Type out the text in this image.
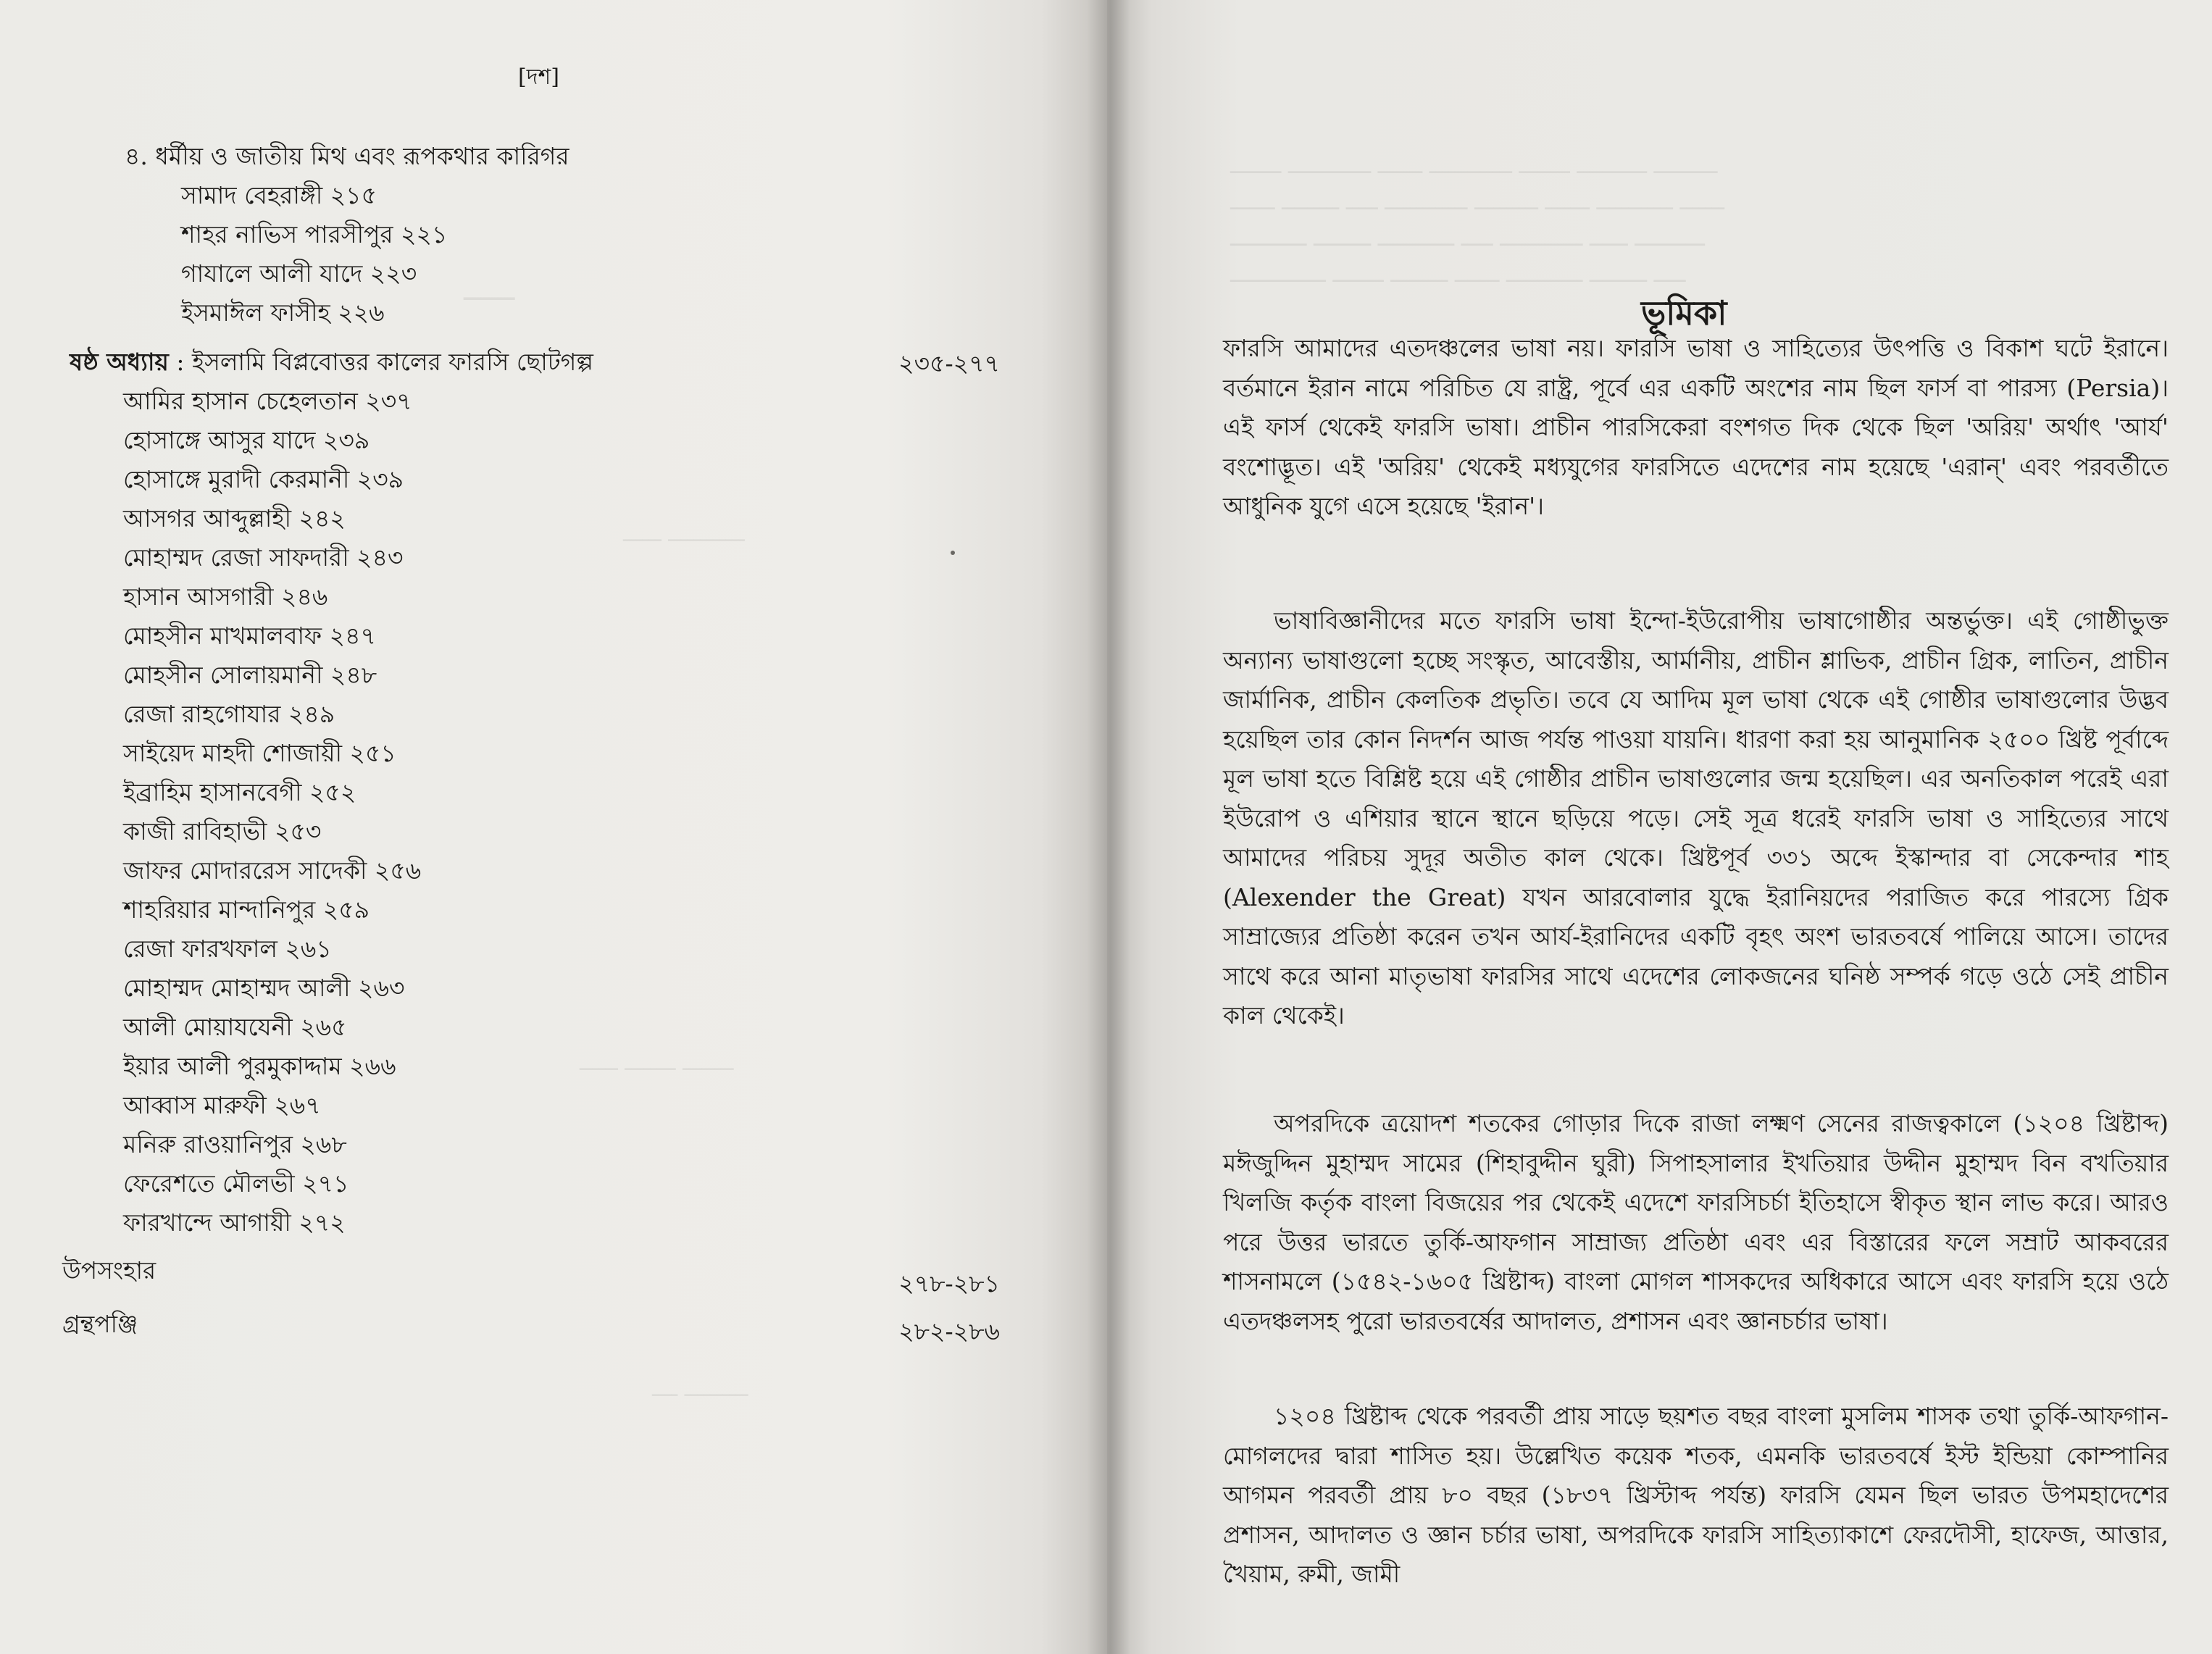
ــــــ
ــــــــــــ ــــــ
ــــــــ ــــــــ ــــــ
ــــــــــ ــــ
[দশ]
৪. ধর্মীয় ও জাতীয় মিথ এবং রূপকথার কারিগর
সামাদ বেহরাঙ্গী ২১৫
শাহর নাভিস পারসীপুর ২২১
গাযালে আলী যাদে ২২৩
ইসমাঈল ফাসীহ ২২৬
ষষ্ঠ অধ্যায় : ইসলামি বিপ্লবোত্তর কালের ফারসি ছোটগল্প	২৩৫-২৭৭
আমির হাসান চেহেলতান ২৩৭
হোসাঙ্গে আসুর যাদে ২৩৯
হোসাঙ্গে মুরাদী কেরমানী ২৩৯
আসগর আব্দুল্লাহী ২৪২
মোহাম্মদ রেজা সাফদারী ২৪৩
হাসান আসগারী ২৪৬
মোহসীন মাখমালবাফ ২৪৭
মোহসীন সোলায়মানী ২৪৮
রেজা রাহগোযার ২৪৯
সাইয়েদ মাহদী শোজায়ী ২৫১
ইব্রাহিম হাসানবেগী ২৫২
কাজী রাবিহাভী ২৫৩
জাফর মোদাররেস সাদেকী ২৫৬
শাহরিয়ার মান্দানিপুর ২৫৯
রেজা ফারখফাল ২৬১
মোহাম্মদ মোহাম্মদ আলী ২৬৩
আলী মোয়াযযেনী ২৬৫
ইয়ার আলী পুরমুকাদ্দাম ২৬৬
আব্বাস মারুফী ২৬৭
মনিরু রাওয়ানিপুর ২৬৮
ফেরেশতে মৌলভী ২৭১
ফারখান্দে আগায়ী ২৭২
উপসংহার	২৭৮-২৮১
গ্রন্থপঞ্জি	২৮২-২৮৬
ــــــــــ ـــــــــــ ــــــــ ـــــــــــــ ـــــــ ـــــــــــــ ــــــــ
ـــــــ ــــــــــــ ـــــــ ــــــــــ ـــــــــــــ ـــــ ـــــــــ ـــــــ
ـــــــــــ ــــــ ـــــــــــــ ـــــ ــــــــــــ ـــــــــ ــــــــــــ
ـــــ ـــــــــ ــــــــــــ ـــــــ ـــــــــ ــــــــ ـــــــــــــــ
ভূমিকা

ফারসি আমাদের এতদঞ্চলের ভাষা নয়। ফারসি ভাষা ও সাহিত্যের উৎপত্তি ও বিকাশ ঘটে ইরানে। বর্তমানে ইরান নামে পরিচিত যে রাষ্ট্র, পূর্বে এর একটি অংশের নাম ছিল ফার্স বা পারস্য (Persia)। এই ফার্স থেকেই ফারসি ভাষা। প্রাচীন পারসিকেরা বংশগত দিক থেকে ছিল 'অরিয়' অর্থাৎ 'আর্য' বংশোদ্ভূত। এই 'অরিয়' থেকেই মধ্যযুগের ফারসিতে এদেশের নাম হয়েছে 'এরান্' এবং পরবর্তীতে আধুনিক যুগে এসে হয়েছে 'ইরান'।

ভাষাবিজ্ঞানীদের মতে ফারসি ভাষা ইন্দো-ইউরোপীয় ভাষাগোষ্ঠীর অন্তর্ভুক্ত। এই গোষ্ঠীভুক্ত অন্যান্য ভাষাগুলো হচ্ছে সংস্কৃত, আবেস্তীয়, আর্মানীয়, প্রাচীন শ্লাভিক, প্রাচীন গ্রিক, লাতিন, প্রাচীন জার্মানিক, প্রাচীন কেলতিক প্রভৃতি। তবে যে আদিম মূল ভাষা থেকে এই গোষ্ঠীর ভাষাগুলোর উদ্ভব হয়েছিল তার কোন নিদর্শন আজ পর্যন্ত পাওয়া যায়নি। ধারণা করা হয় আনুমানিক ২৫০০ খ্রিষ্ট পূর্বাব্দে মূল ভাষা হতে বিশ্লিষ্ট হয়ে এই গোষ্ঠীর প্রাচীন ভাষাগুলোর জন্ম হয়েছিল। এর অনতিকাল পরেই এরা ইউরোপ ও এশিয়ার স্থানে স্থানে ছড়িয়ে পড়ে। সেই সূত্র ধরেই ফারসি ভাষা ও সাহিত্যের সাথে আমাদের পরিচয় সুদূর অতীত কাল থেকে। খ্রিষ্টপূর্ব ৩৩১ অব্দে ইস্কান্দার বা সেকেন্দার শাহ (Alexender the Great) যখন আরবোলার যুদ্ধে ইরানিয়দের পরাজিত করে পারস্যে গ্রিক সাম্রাজ্যের প্রতিষ্ঠা করেন তখন আর্য-ইরানিদের একটি বৃহৎ অংশ ভারতবর্ষে পালিয়ে আসে। তাদের সাথে করে আনা মাতৃভাষা ফারসির সাথে এদেশের লোকজনের ঘনিষ্ঠ সম্পর্ক গড়ে ওঠে সেই প্রাচীন কাল থেকেই।

অপরদিকে ত্রয়োদশ শতকের গোড়ার দিকে রাজা লক্ষ্মণ সেনের রাজত্বকালে (১২০৪ খ্রিষ্টাব্দ) মঈজুদ্দিন মুহাম্মদ সামের (শিহাবুদ্দীন ঘুরী) সিপাহসালার ইখতিয়ার উদ্দীন মুহাম্মদ বিন বখতিয়ার খিলজি কর্তৃক বাংলা বিজয়ের পর থেকেই এদেশে ফারসিচর্চা ইতিহাসে স্বীকৃত স্থান লাভ করে। আরও পরে উত্তর ভারতে তুর্কি-আফগান সাম্রাজ্য প্রতিষ্ঠা এবং এর বিস্তারের ফলে সম্রাট আকবরের শাসনামলে (১৫৪২-১৬০৫ খ্রিষ্টাব্দ) বাংলা মোগল শাসকদের অধিকারে আসে এবং ফারসি হয়ে ওঠে এতদঞ্চলসহ পুরো ভারতবর্ষের আদালত, প্রশাসন এবং জ্ঞানচর্চার ভাষা।

১২০৪ খ্রিষ্টাব্দ থেকে পরবর্তী প্রায় সাড়ে ছয়শত বছর বাংলা মুসলিম শাসক তথা তুর্কি-আফগান-মোগলদের দ্বারা শাসিত হয়। উল্লেখিত কয়েক শতক, এমনকি ভারতবর্ষে ইস্ট ইন্ডিয়া কোম্পানির আগমন পরবর্তী প্রায় ৮০ বছর (১৮৩৭ খ্রিস্টাব্দ পর্যন্ত) ফারসি যেমন ছিল ভারত উপমহাদেশের প্রশাসন, আদালত ও জ্ঞান চর্চার ভাষা, অপরদিকে ফারসি সাহিত্যাকাশে ফেরদৌসী, হাফেজ, আত্তার, খৈয়াম, রুমী, জামী
